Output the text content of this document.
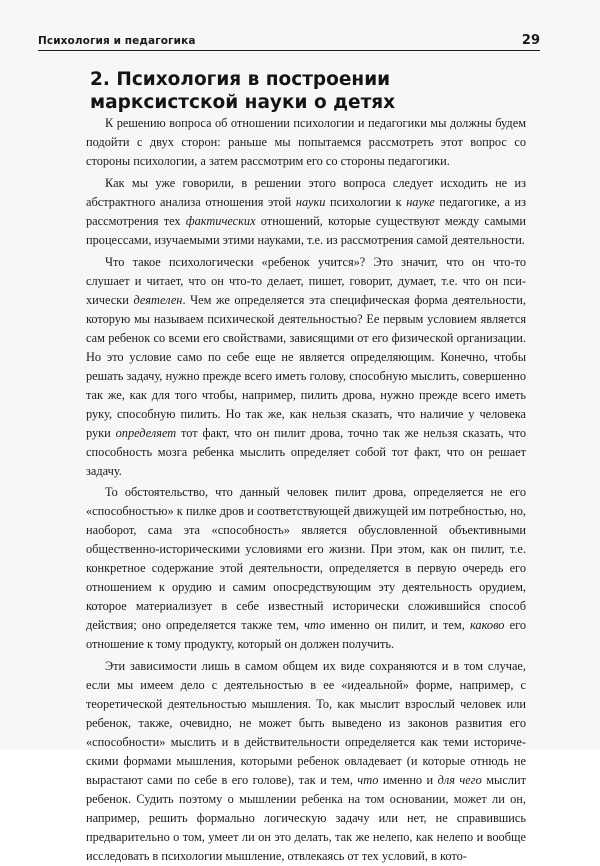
Психология и педагогика	29
2. Психология в построении
марксистской науки о детях

К решению вопроса об отношении психологии и педагогики мы должны будем подойти с двух сторон: раньше мы попытаемся рассмотреть этот вопрос со стороны психологии, а затем рассмотрим его со стороны педагогики.

Как мы уже говорили, в решении этого вопроса следует исходить не из абстрактного анализа отношения этой науки психологии к науке педагогике, а из рассмотрения тех фактических отношений, которые существуют между самыми процессами, изучаемыми этими науками, т.е. из рассмотрения самой деятельности.

Что такое психологически «ребенок учится»? Это значит, что он что-то слушает и читает, что он что-то делает, пишет, говорит, думает, т.е. что он психически деятелен. Чем же определяется эта специфическая форма деятельности, которую мы называем психической деятельностью? Ее первым условием является сам ребенок со всеми его свойствами, зависящими от его физической организации. Но это условие само по себе еще не является определяющим. Конечно, чтобы решать задачу, нужно прежде всего иметь голову, способную мыслить, совершенно так же, как для того чтобы, например, пилить дрова, нужно прежде всего иметь руку, способную пилить. Но так же, как нельзя сказать, что наличие у человека руки определяет тот факт, что он пилит дрова, точно так же нельзя сказать, что способность мозга ребенка мыслить определяет собой тот факт, что он решает задачу.

То обстоятельство, что данный человек пилит дрова, определяется не его «способностью» к пилке дров и соответствующей движущей им потребностью, но, наоборот, сама эта «способность» является обусловленной объективными общественно-историческими условиями его жизни. При этом, как он пилит, т.е. конкретное содержание этой деятельности, определяется в первую очередь его отношением к орудию и самим опосредствующим эту деятельность орудием, которое материализует в себе известный исторически сложившийся способ действия; оно определяется также тем, что именно он пилит, и тем, каково его отношение к тому продукту, который он должен получить.

Эти зависимости лишь в самом общем их виде сохраняются и в том случае, если мы имеем дело с деятельностью в ее «идеальной» форме, например, с теоретической деятельностью мышления. То, как мыслит взрослый человек или ребенок, также, очевидно, не может быть выведено из законов развития его «способности» мыслить и в действительности определяется как теми историческими формами мышления, которыми ребенок овладевает (и которые отнюдь не вырастают сами по себе в его голове), так и тем, что именно и для чего мыслит ребенок. Судить поэтому о мышлении ребенка на том основании, может ли он, например, решить формально логическую задачу или нет, не справившись предварительно о том, умеет ли он это делать, так же нелепо, как нелепо и вообще исследовать в психологии мышление, отвлекаясь от тех условий, в кото-
